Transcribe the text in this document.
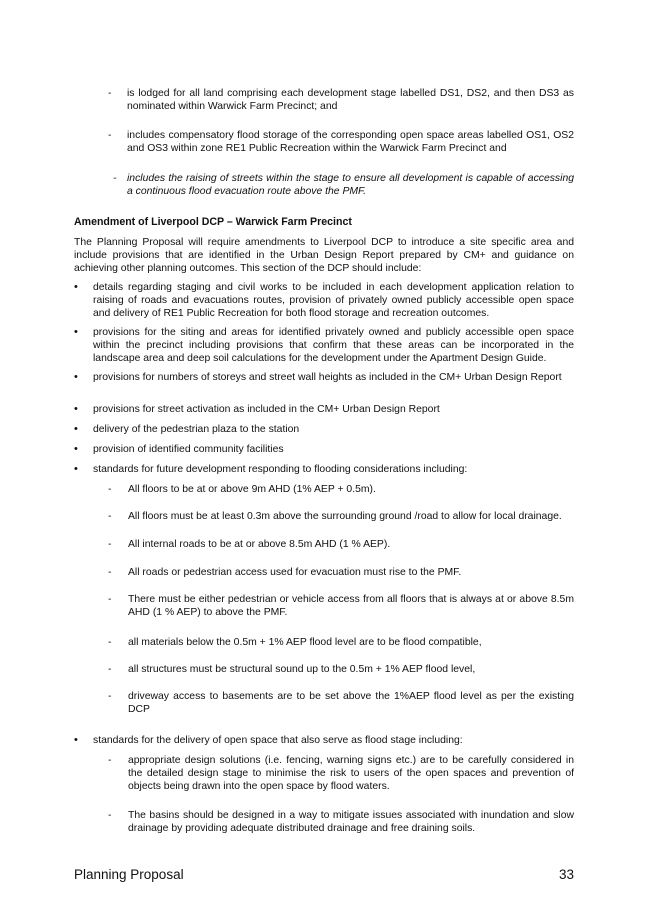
- is lodged for all land comprising each development stage labelled DS1, DS2, and then DS3 as nominated within Warwick Farm Precinct; and
- includes compensatory flood storage of the corresponding open space areas labelled OS1, OS2 and OS3 within zone RE1 Public Recreation within the Warwick Farm Precinct and
- includes the raising of streets within the stage to ensure all development is capable of accessing a continuous flood evacuation route above the PMF.
Amendment of Liverpool DCP – Warwick Farm Precinct
The Planning Proposal will require amendments to Liverpool DCP to introduce a site specific area and include provisions that are identified in the Urban Design Report prepared by CM+ and guidance on achieving other planning outcomes. This section of the DCP should include:
• details regarding staging and civil works to be included in each development application relation to raising of roads and evacuations routes, provision of privately owned publicly accessible open space and delivery of RE1 Public Recreation for both flood storage and recreation outcomes.
• provisions for the siting and areas for identified privately owned and publicly accessible open space within the precinct including provisions that confirm that these areas can be incorporated in the landscape area and deep soil calculations for the development under the Apartment Design Guide.
• provisions for numbers of storeys and street wall heights as included in the CM+ Urban Design Report
• provisions for street activation as included in the CM+ Urban Design Report
• delivery of the pedestrian plaza to the station
• provision of identified community facilities
• standards for future development responding to flooding considerations including:
- All floors to be at or above 9m AHD (1% AEP + 0.5m).
- All floors must be at least 0.3m above the surrounding ground /road to allow for local drainage.
- All internal roads to be at or above 8.5m AHD (1 % AEP).
- All roads or pedestrian access used for evacuation must rise to the PMF.
- There must be either pedestrian or vehicle access from all floors that is always at or above 8.5m AHD (1 % AEP) to above the PMF.
- all materials below the 0.5m + 1% AEP flood level are to be flood compatible,
- all structures must be structural sound up to the 0.5m + 1% AEP flood level,
- driveway access to basements are to be set above the 1%AEP flood level as per the existing DCP
• standards for the delivery of open space that also serve as flood stage including:
- appropriate design solutions (i.e. fencing, warning signs etc.) are to be carefully considered in the detailed design stage to minimise the risk to users of the open spaces and prevention of objects being drawn into the open space by flood waters.
- The basins should be designed in a way to mitigate issues associated with inundation and slow drainage by providing adequate distributed drainage and free draining soils.
Planning Proposal	33
